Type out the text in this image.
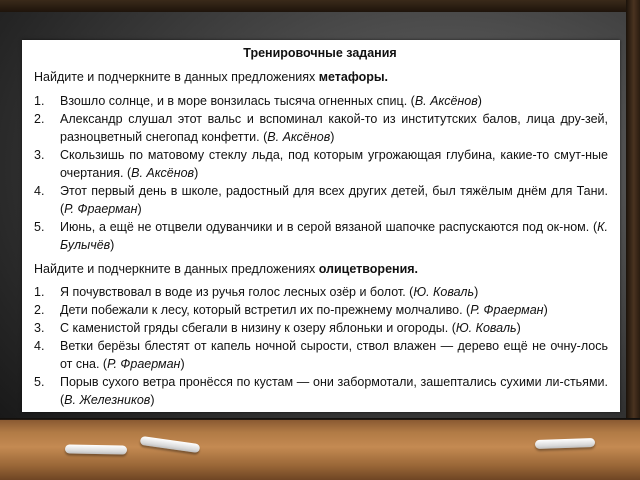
Тренировочные задания
Найдите и подчеркните в данных предложениях метафоры.
1. Взошло солнце, и в море вонзилась тысяча огненных спиц. (В. Аксёнов)
2. Александр слушал этот вальс и вспоминал какой-то из институтских балов, лица дру-зей, разноцветный снегопад конфетти. (В. Аксёнов)
3. Скользишь по матовому стеклу льда, под которым угрожающая глубина, какие-то смут-ные очертания. (В. Аксёнов)
4. Этот первый день в школе, радостный для всех других детей, был тяжёлым днём для Тани. (Р. Фраерман)
5. Июнь, а ещё не отцвели одуванчики и в серой вязаной шапочке распускаются под ок-ном. (К. Булычёв)
Найдите и подчеркните в данных предложениях олицетворения.
1. Я почувствовал в воде из ручья голос лесных озёр и болот. (Ю. Коваль)
2. Дети побежали к лесу, который встретил их по-прежнему молчаливо. (Р. Фраерман)
3. С каменистой гряды сбегали в низину к озеру яблоньки и огороды. (Ю. Коваль)
4. Ветки берёзы блестят от капель ночной сырости, ствол влажен — дерево ещё не очну-лось от сна. (Р. Фраерман)
5. Порыв сухого ветра пронёсся по кустам — они забормотали, зашептались сухими ли-стьями. (В. Железников)
